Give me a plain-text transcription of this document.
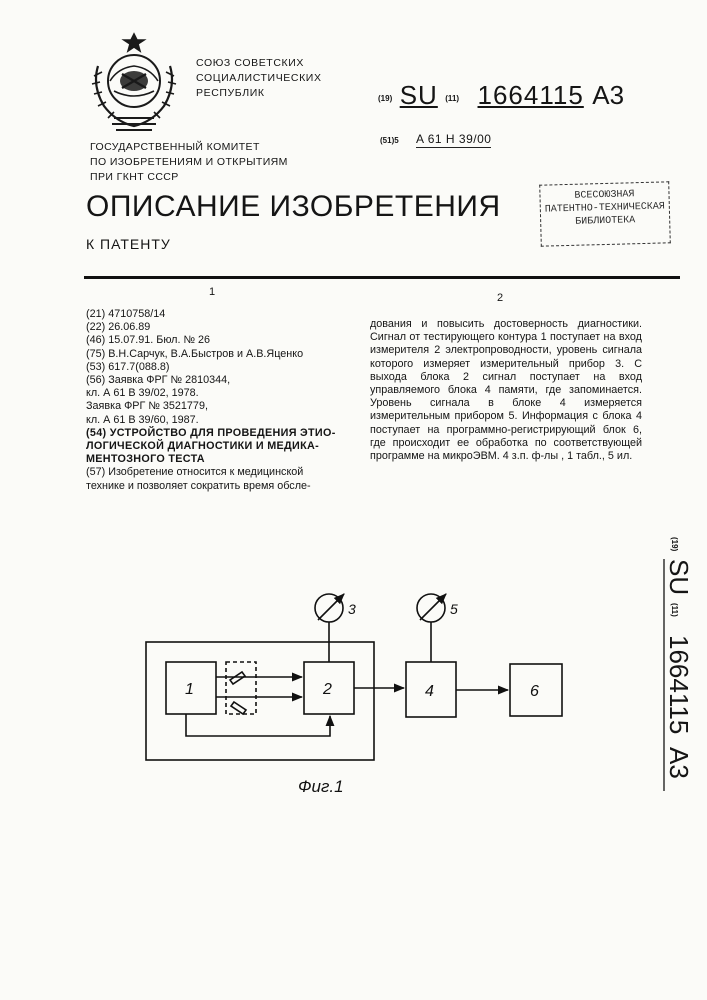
СОЮЗ СОВЕТСКИХ
СОЦИАЛИСТИЧЕСКИХ
РЕСПУБЛИК
ГОСУДАРСТВЕННЫЙ КОМИТЕТ
ПО ИЗОБРЕТЕНИЯМ И ОТКРЫТИЯМ
ПРИ ГКНТ СССР
(19) SU (11) 1664115 A3
(51)5 A 61 H 39/00
ВСЕСОЮЗНАЯ
ПАТЕНТНО-ТЕХНИЧЕСКАЯ
БИБЛИОТЕКА
ОПИСАНИЕ ИЗОБРЕТЕНИЯ
К ПАТЕНТУ
1	2
(21) 4710758/14
(22) 26.06.89
(46) 15.07.91. Бюл. № 26
(75) В.Н.Сарчук, В.А.Быстров и А.В.Яценко
(53) 617.7(088.8)
(56) Заявка ФРГ № 2810344,
кл. А 61 В 39/02, 1978.
Заявка ФРГ № 3521779,
кл. А 61 В 39/60, 1987.
(54) УСТРОЙСТВО ДЛЯ ПРОВЕДЕНИЯ ЭТИО-
ЛОГИЧЕСКОЙ ДИАГНОСТИКИ И МЕДИКА-
МЕНТОЗНОГО ТЕСТА
(57) Изобретение относится к медицинской
технике и позволяет сократить время обсле-
дования и повысить достоверность диагностики. Сигнал от тестирующего контура 1 поступает на вход измерителя 2 электропроводности, уровень сигнала которого измеряет измерительный прибор 3. С выхода блока 2 сигнал поступает на вход управляемого блока 4 памяти, где запоминается. Уровень сигнала в блоке 4 измеряется измерительным прибором 5. Информация с блока 4 поступает на программно-регистрирующий блок 6, где происходит ее обработка по соответствующей программе на микроЭВМ. 4 з.п. ф-лы , 1 табл., 5 ил.
(19)
SU
(11)
1664115
A3
1	2	4	6
3	5
Фиг.1
